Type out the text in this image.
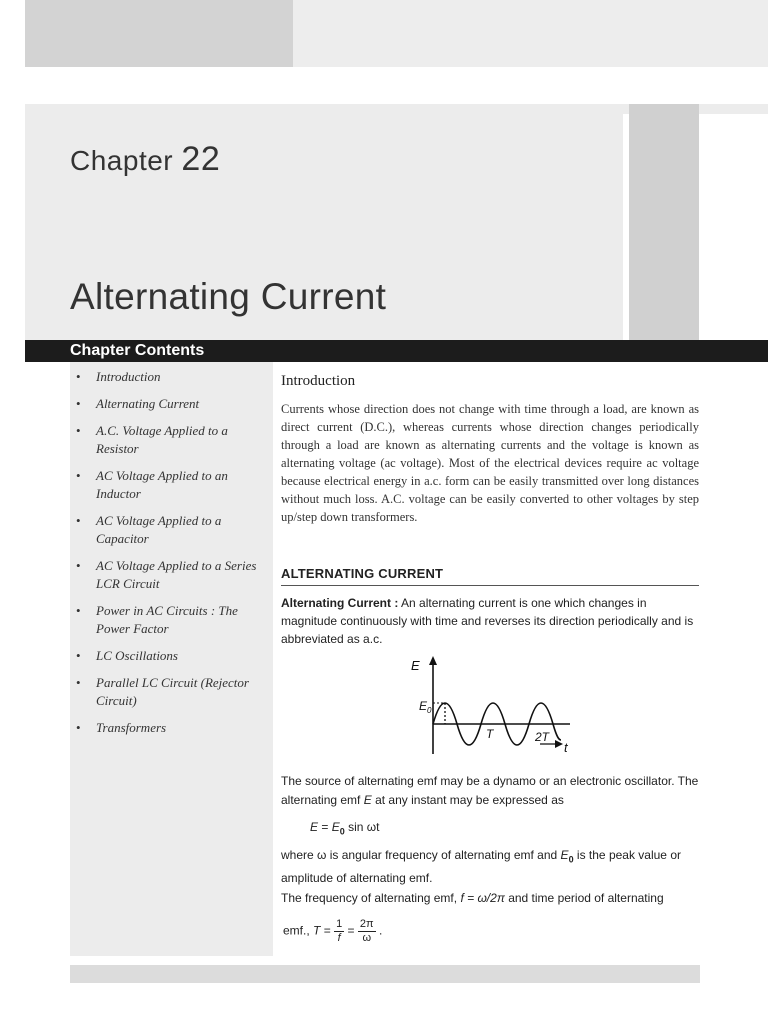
Chapter 22
Alternating Current
Chapter Contents
• Introduction
• Alternating Current
• A.C. Voltage Applied to a Resistor
• AC Voltage Applied to an Inductor
• AC Voltage Applied to a Capacitor
• AC Voltage Applied to a Series LCR Circuit
• Power in AC Circuits : The Power Factor
• LC Oscillations
• Parallel LC Circuit (Rejector Circuit)
• Transformers
Introduction

Currents whose direction does not change with time through a load, are known as direct current (D.C.), whereas currents whose direction changes periodically through a load are known as alternating currents and the voltage is known as alternating voltage (ac voltage). Most of the electrical devices require ac voltage because electrical energy in a.c. form can be easily transmitted over long distances without much loss. A.C. voltage can be easily converted to other voltages by step up/step down transformers.

ALTERNATING CURRENT

Alternating Current : An alternating current is one which changes in magnitude continuously with time and reverses its direction periodically and is abbreviated as a.c.

E
$E_0$
T	2T
t

The source of alternating emf may be a dynamo or an electronic oscillator. The alternating emf E at any instant may be expressed as

$E = E_0$ sin ωt

where ω is angular frequency of alternating emf and $E_0$ is the peak value or amplitude of alternating emf.

The frequency of alternating emf, f = ω/2π and time period of alternating

emf., $T = \frac{1}{f} = \frac{2\pi}{\omega}$ .
